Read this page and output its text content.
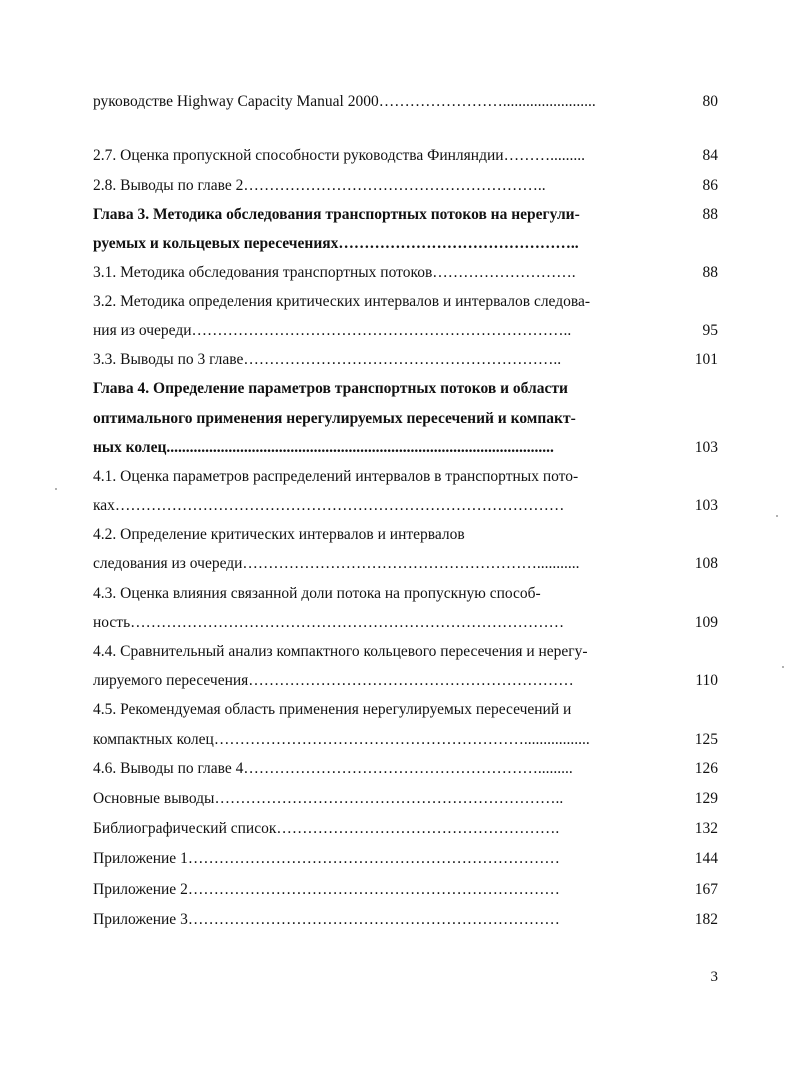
руководстве Highway Capacity Manual 2000……………………........................
2.7. Оценка пропускной способности руководства Финляндии……….........
2.8. Выводы по главе 2…………………………………………………..
Глава 3. Методика обследования транспортных потоков на нерегули-
руемых и кольцевых пересечениях………………………………………..
3.1. Методика обследования транспортных потоков……………………….
3.2. Методика определения критических интервалов и интервалов следова-
ния из очереди………………………………………………………………..
3.3. Выводы по 3 главе……………………………………………………..
Глава 4. Определение параметров транспортных потоков и области
оптимального применения нерегулируемых пересечений и компакт-
ных колец....................................................................................................
4.1. Оценка параметров распределений интервалов в транспортных пото-
ках……………………………………………………………………………
4.2. Определение критических интервалов и интервалов
следования из очереди…………………………………………………...........
4.3. Оценка влияния связанной доли потока на пропускную способ-
ность…………………………………………………………………………
4.4. Сравнительный анализ компактного кольцевого пересечения и нерегу-
лируемого пересечения………………………………………………………
4.5. Рекомендуемая область применения нерегулируемых пересечений и
компактных колец…………………………………………………….................
4.6. Выводы по главе 4………………………………………………….........
Основные выводы…………………………………………………………..
Библиографический список……………………………………………….
Приложение 1………………………………………………………………
Приложение 2………………………………………………………………
Приложение 3………………………………………………………………
80
84
86
88
88
95
101
103
103
108
109
110
125
126
129
132
144
167
182
3
